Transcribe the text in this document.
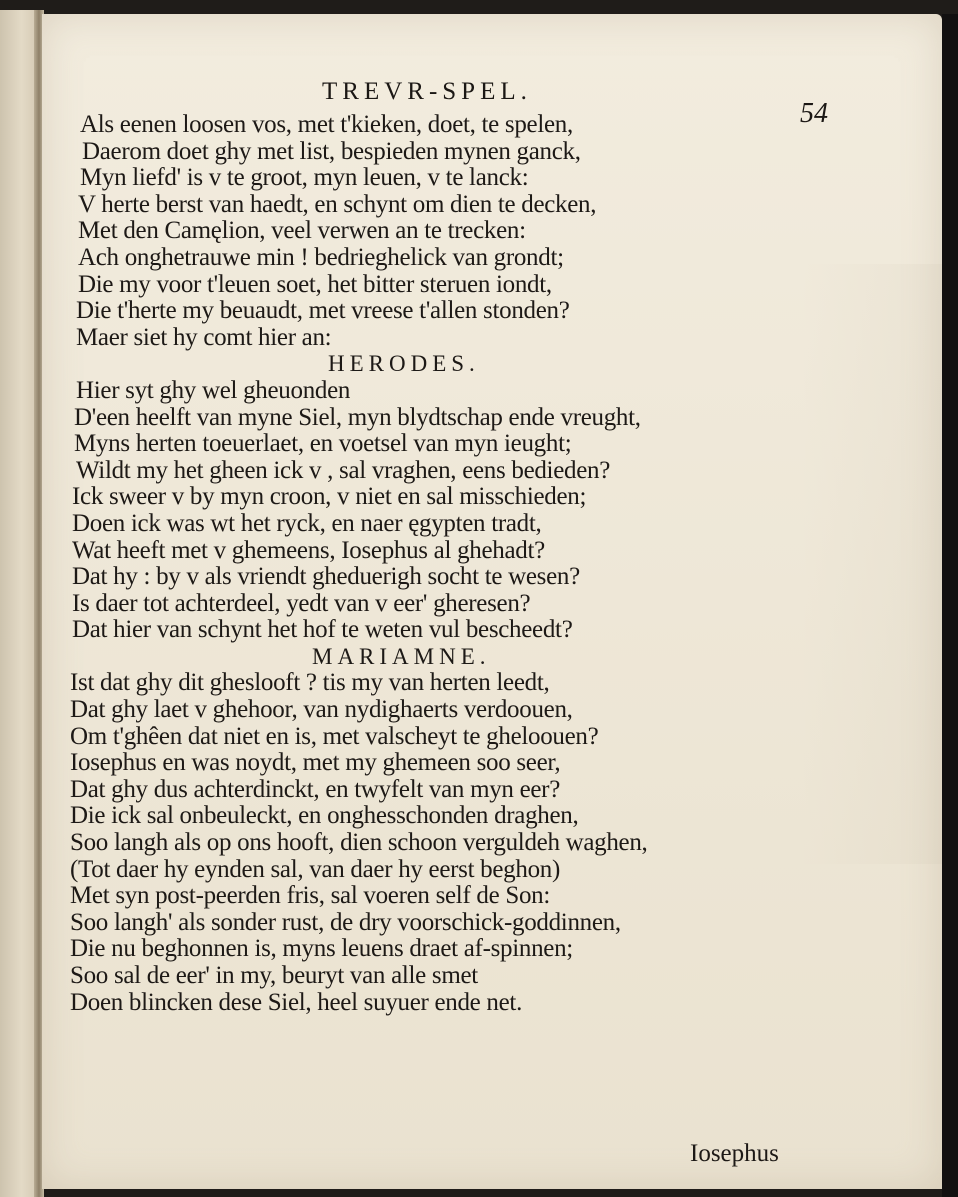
TREVR-SPEL.
54
Als eenen loosen vos, met t'kieken, doet, te spelen,
Daerom doet ghy met list, bespieden mynen ganck,
Myn liefd' is v te groot, myn leuen, v te lanck:
V herte berst van haedt, en schynt om dien te decken,
Met den Camęlion, veel verwen an te trecken:
Ach onghetrauwe min ! bedrieghelick van grondt;
Die my voor t'leuen soet, het bitter steruen iondt,
Die t'herte my beuaudt, met vreese t'allen stonden?
Maer siet hy comt hier an:
HERODES.
Hier syt ghy wel gheuonden
D'een heelft van myne Siel, myn blydtschap ende vreught,
Myns herten toeuerlaet, en voetsel van myn ieught;
Wildt my het gheen ick v , sal vraghen, eens bedieden?
Ick sweer v by myn croon, v niet en sal misschieden;
Doen ick was wt het ryck, en naer ęgypten tradt,
Wat heeft met v ghemeens, Iosephus al ghehadt?
Dat hy : by v als vriendt gheduerigh socht te wesen?
Is daer tot achterdeel, yedt van v eer' gheresen?
Dat hier van schynt het hof te weten vul bescheedt?
MARIAMNE.
Ist dat ghy dit gheslooft ? tis my van herten leedt,
Dat ghy laet v ghehoor, van nydighaerts verdoouen,
Om t'ghêen dat niet en is, met valscheyt te gheloouen?
Iosephus en was noydt, met my ghemeen soo seer,
Dat ghy dus achterdinckt, en twyfelt van myn eer?
Die ick sal onbeuleckt, en onghesschonden draghen,
Soo langh als op ons hooft, dien schoon verguldeh waghen,
(Tot daer hy eynden sal, van daer hy eerst beghon)
Met syn post-peerden fris, sal voeren self de Son:
Soo langh' als sonder rust, de dry voorschick-goddinnen,
Die nu beghonnen is, myns leuens draet af-spinnen;
Soo sal de eer' in my, beuryt van alle smet
Doen blincken dese Siel, heel suyuer ende net.
Iosephus
